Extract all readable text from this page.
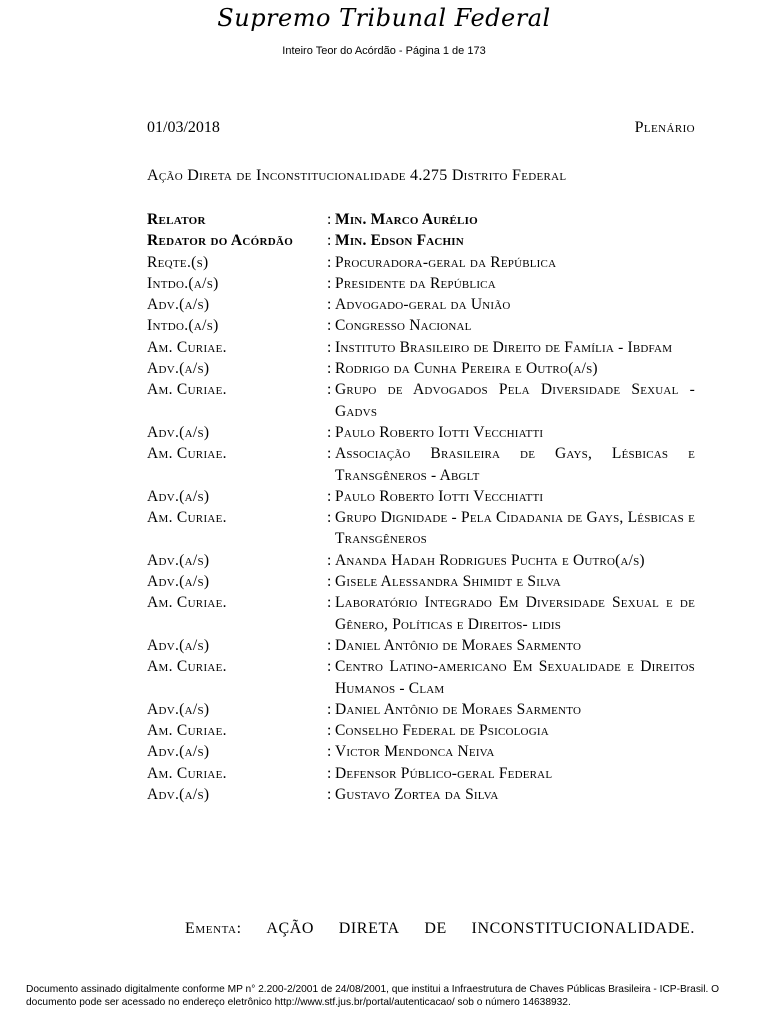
Supremo Tribunal Federal
Inteiro Teor do Acórdão - Página 1 de 173
01/03/2018	Plenário
Ação Direta de Inconstitucionalidade 4.275 Distrito Federal
Relator	: Min. Marco Aurélio
Redator do Acórdão	: Min. Edson Fachin
Reqte.(s)	: Procuradora-geral da República
Intdo.(a/s)	: Presidente da República
Adv.(a/s)	: Advogado-geral da União
Intdo.(a/s)	: Congresso Nacional
Am. Curiae.	: Instituto Brasileiro de Direito de Família - Ibdfam
Adv.(a/s)	: Rodrigo da Cunha Pereira e Outro(a/s)
Am. Curiae.	: Grupo de Advogados Pela Diversidade Sexual - Gadvs
Adv.(a/s)	: Paulo Roberto Iotti Vecchiatti
Am. Curiae.	: Associação Brasileira de Gays, Lésbicas e Transgêneros - Abglt
Adv.(a/s)	: Paulo Roberto Iotti Vecchiatti
Am. Curiae.	: Grupo Dignidade - Pela Cidadania de Gays, Lésbicas e Transgêneros
Adv.(a/s)	: Ananda Hadah Rodrigues Puchta e Outro(a/s)
Adv.(a/s)	: Gisele Alessandra Shimidt e Silva
Am. Curiae.	: Laboratório Integrado Em Diversidade Sexual e de Gênero, Políticas e Direitos- lidis
Adv.(a/s)	: Daniel Antônio de Moraes Sarmento
Am. Curiae.	: Centro Latino-americano Em Sexualidade e Direitos Humanos - Clam
Adv.(a/s)	: Daniel Antônio de Moraes Sarmento
Am. Curiae.	: Conselho Federal de Psicologia
Adv.(a/s)	: Victor Mendonca Neiva
Am. Curiae.	: Defensor Público-geral Federal
Adv.(a/s)	: Gustavo Zortea da Silva
Ementa: AÇÃO DIRETA DE INCONSTITUCIONALIDADE.
Documento assinado digitalmente conforme MP n° 2.200-2/2001 de 24/08/2001, que institui a Infraestrutura de Chaves Públicas Brasileira - ICP-Brasil. O
documento pode ser acessado no endereço eletrônico http://www.stf.jus.br/portal/autenticacao/ sob o número 14638932.
